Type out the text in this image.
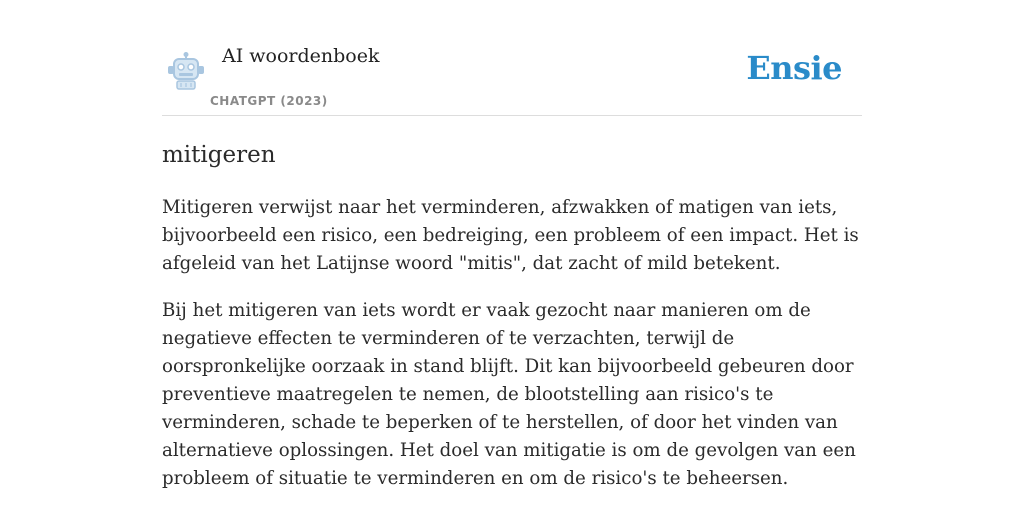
AI woordenboek
CHATGPT (2023)
Ensie
mitigeren

Mitigeren verwijst naar het verminderen, afzwakken of matigen van iets, bijvoorbeeld een risico, een bedreiging, een probleem of een impact. Het is afgeleid van het Latijnse woord "mitis", dat zacht of mild betekent.

Bij het mitigeren van iets wordt er vaak gezocht naar manieren om de negatieve effecten te verminderen of te verzachten, terwijl de oorspronkelijke oorzaak in stand blijft. Dit kan bijvoorbeeld gebeuren door preventieve maatregelen te nemen, de blootstelling aan risico's te verminderen, schade te beperken of te herstellen, of door het vinden van alternatieve oplossingen. Het doel van mitigatie is om de gevolgen van een probleem of situatie te verminderen en om de risico's te beheersen.
